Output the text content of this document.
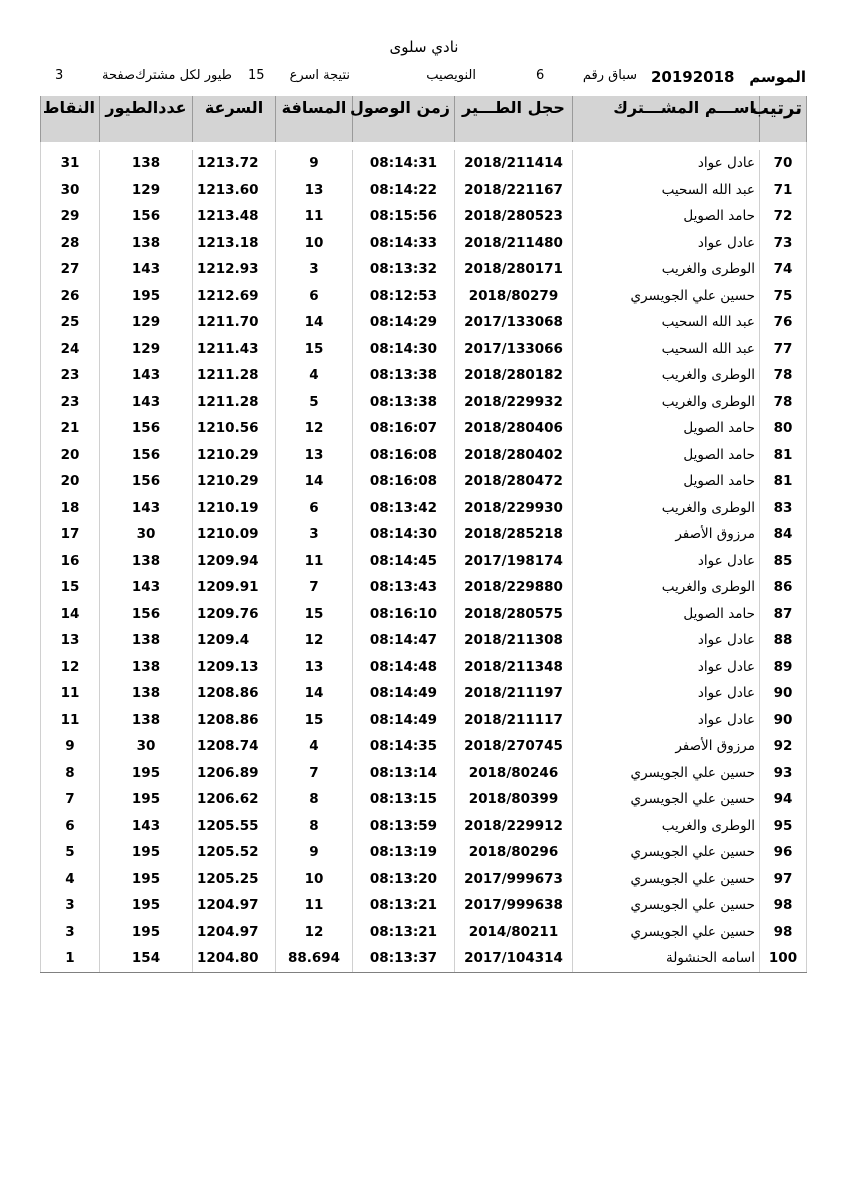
نادي سلوى
الموسم
20192018
سباق رقم
6
النويصيب
نتيجة اسرع
15
طيور لكل مشترك
صفحة
3
ترتيب	اســـم المشـــترك	حجل الطـــير	زمن الوصول	المسافة	السرعة	عددالطيور	النقاط

70	عادل عواد	2018/211414	08:14:31	9	1213.72	138	31
71	عبد الله السحيب	2018/221167	08:14:22	13	1213.60	129	30
72	حامد الصويل	2018/280523	08:15:56	11	1213.48	156	29
73	عادل عواد	2018/211480	08:14:33	10	1213.18	138	28
74	الوطرى والغريب	2018/280171	08:13:32	3	1212.93	143	27
75	حسين علي الجويسري	2018/80279	08:12:53	6	1212.69	195	26
76	عبد الله السحيب	2017/133068	08:14:29	14	1211.70	129	25
77	عبد الله السحيب	2017/133066	08:14:30	15	1211.43	129	24
78	الوطرى والغريب	2018/280182	08:13:38	4	1211.28	143	23
78	الوطرى والغريب	2018/229932	08:13:38	5	1211.28	143	23
80	حامد الصويل	2018/280406	08:16:07	12	1210.56	156	21
81	حامد الصويل	2018/280402	08:16:08	13	1210.29	156	20
81	حامد الصويل	2018/280472	08:16:08	14	1210.29	156	20
83	الوطرى والغريب	2018/229930	08:13:42	6	1210.19	143	18
84	مرزوق الأصفر	2018/285218	08:14:30	3	1210.09	30	17
85	عادل عواد	2017/198174	08:14:45	11	1209.94	138	16
86	الوطرى والغريب	2018/229880	08:13:43	7	1209.91	143	15
87	حامد الصويل	2018/280575	08:16:10	15	1209.76	156	14
88	عادل عواد	2018/211308	08:14:47	12	1209.4	138	13
89	عادل عواد	2018/211348	08:14:48	13	1209.13	138	12
90	عادل عواد	2018/211197	08:14:49	14	1208.86	138	11
90	عادل عواد	2018/211117	08:14:49	15	1208.86	138	11
92	مرزوق الأصفر	2018/270745	08:14:35	4	1208.74	30	9
93	حسين علي الجويسري	2018/80246	08:13:14	7	1206.89	195	8
94	حسين علي الجويسري	2018/80399	08:13:15	8	1206.62	195	7
95	الوطرى والغريب	2018/229912	08:13:59	8	1205.55	143	6
96	حسين علي الجويسري	2018/80296	08:13:19	9	1205.52	195	5
97	حسين علي الجويسري	2017/999673	08:13:20	10	1205.25	195	4
98	حسين علي الجويسري	2017/999638	08:13:21	11	1204.97	195	3
98	حسين علي الجويسري	2014/80211	08:13:21	12	1204.97	195	3
100	اسامه الحنشولة	2017/104314	08:13:37	88.694	1204.80	154	1
